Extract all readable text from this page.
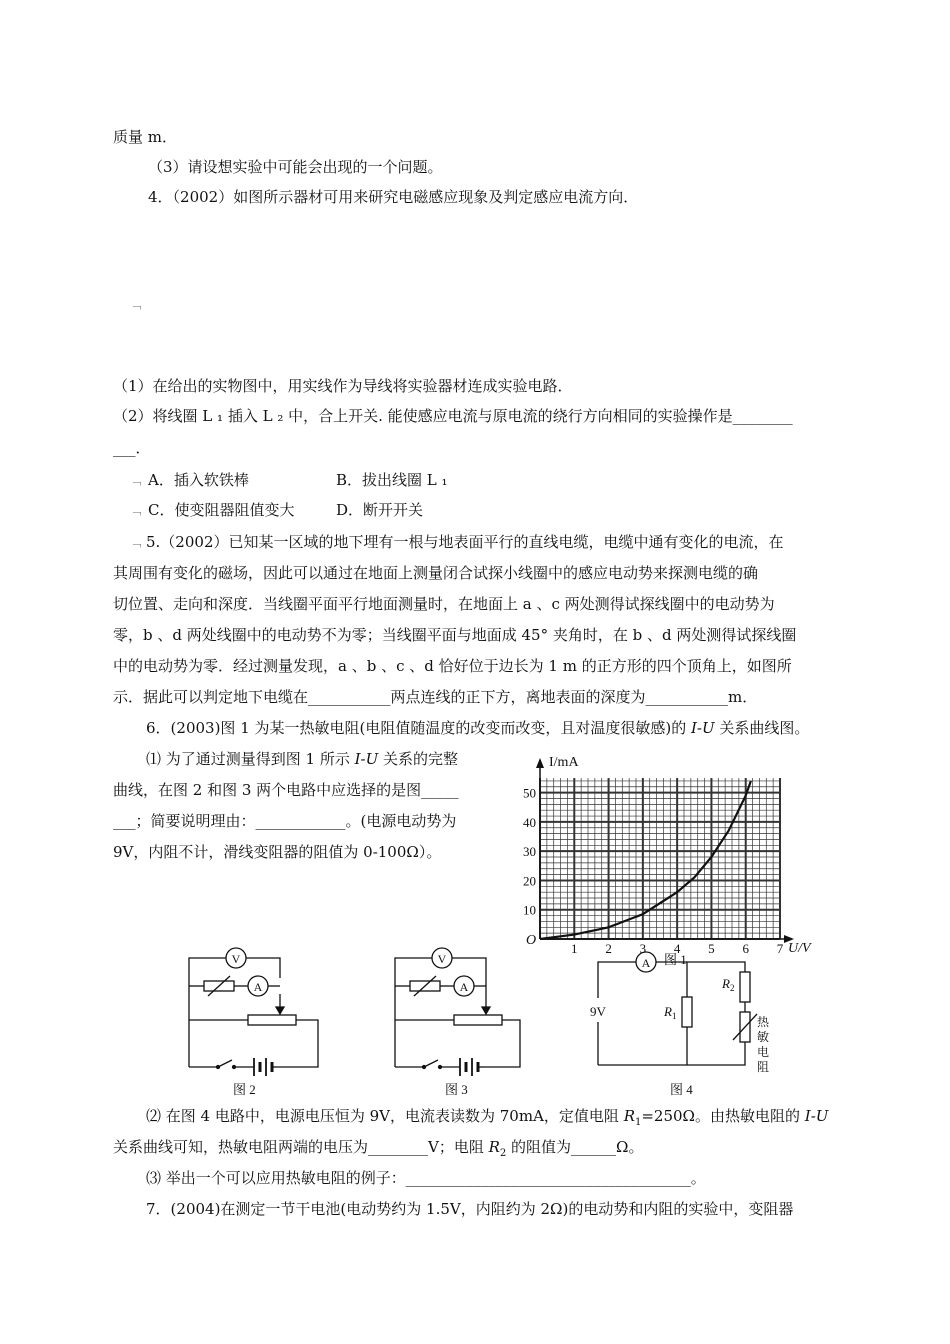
质量 m．
（3）请设想实验中可能会出现的一个问题。
4．（2002）如图所示器材可用来研究电磁感应现象及判定感应电流方向．
﹁
（1）在给出的实物图中，用实线作为导线将实验器材连成实验电路．
（2）将线圈 L ₁ 插入 L ₂ 中，合上开关. 能使感应电流与原电流的绕行方向相同的实验操作是________
___．
﹁ A．插入软铁棒	B．拔出线圈 L ₁
﹁ C．使变阻器阻值变大	D．断开开关
﹁ 5.（2002）已知某一区域的地下埋有一根与地表面平行的直线电缆，电缆中通有变化的电流，在
其周围有变化的磁场，因此可以通过在地面上测量闭合试探小线圈中的感应电动势来探测电缆的确
切位置、走向和深度．当线圈平面平行地面测量时，在地面上 a 、c 两处测得试探线圈中的电动势为
零，b 、d 两处线圈中的电动势不为零；当线圈平面与地面成 45° 夹角时，在 b 、d 两处测得试探线圈
中的电动势为零．经过测量发现，a 、b 、c 、d 恰好位于边长为 1 m 的正方形的四个顶角上，如图所
示．据此可以判定地下电缆在___________两点连线的正下方，离地表面的深度为___________m．
6．(2003)图 1 为某一热敏电阻(电阻值随温度的改变而改变，且对温度很敏感)的 I-U 关系曲线图。
⑴ 为了通过测量得到图 1 所示 I-U 关系的完整
曲线，在图 2 和图 3 两个电路中应选择的是图_____
___；简要说明理由：____________。(电源电动势为
9V，内阻不计，滑线变阻器的阻值为 0-100Ω）。
⑵ 在图 4 电路中，电源电压恒为 9V，电流表读数为 70mA，定值电阻 $R_1=250\Omega$。由热敏电阻的 I-U
关系曲线可知，热敏电阻两端的电压为________V；电阻 $R_2$ 的阻值为______Ω。
⑶ 举出一个可以应用热敏电阻的例子：______________________________________。
7．(2004)在测定一节干电池(电动势约为 1.5V，内阻约为 2Ω)的电动势和内阻的实验中，变阻器
1 2 3 4 5 6 7
10
20
30
40
50
I/mA
U/V
O
图 1
V
A
图 2
V
A
图 3
A
9V	$R_1$
$R_2$
热
敏
电
阻
图 4
